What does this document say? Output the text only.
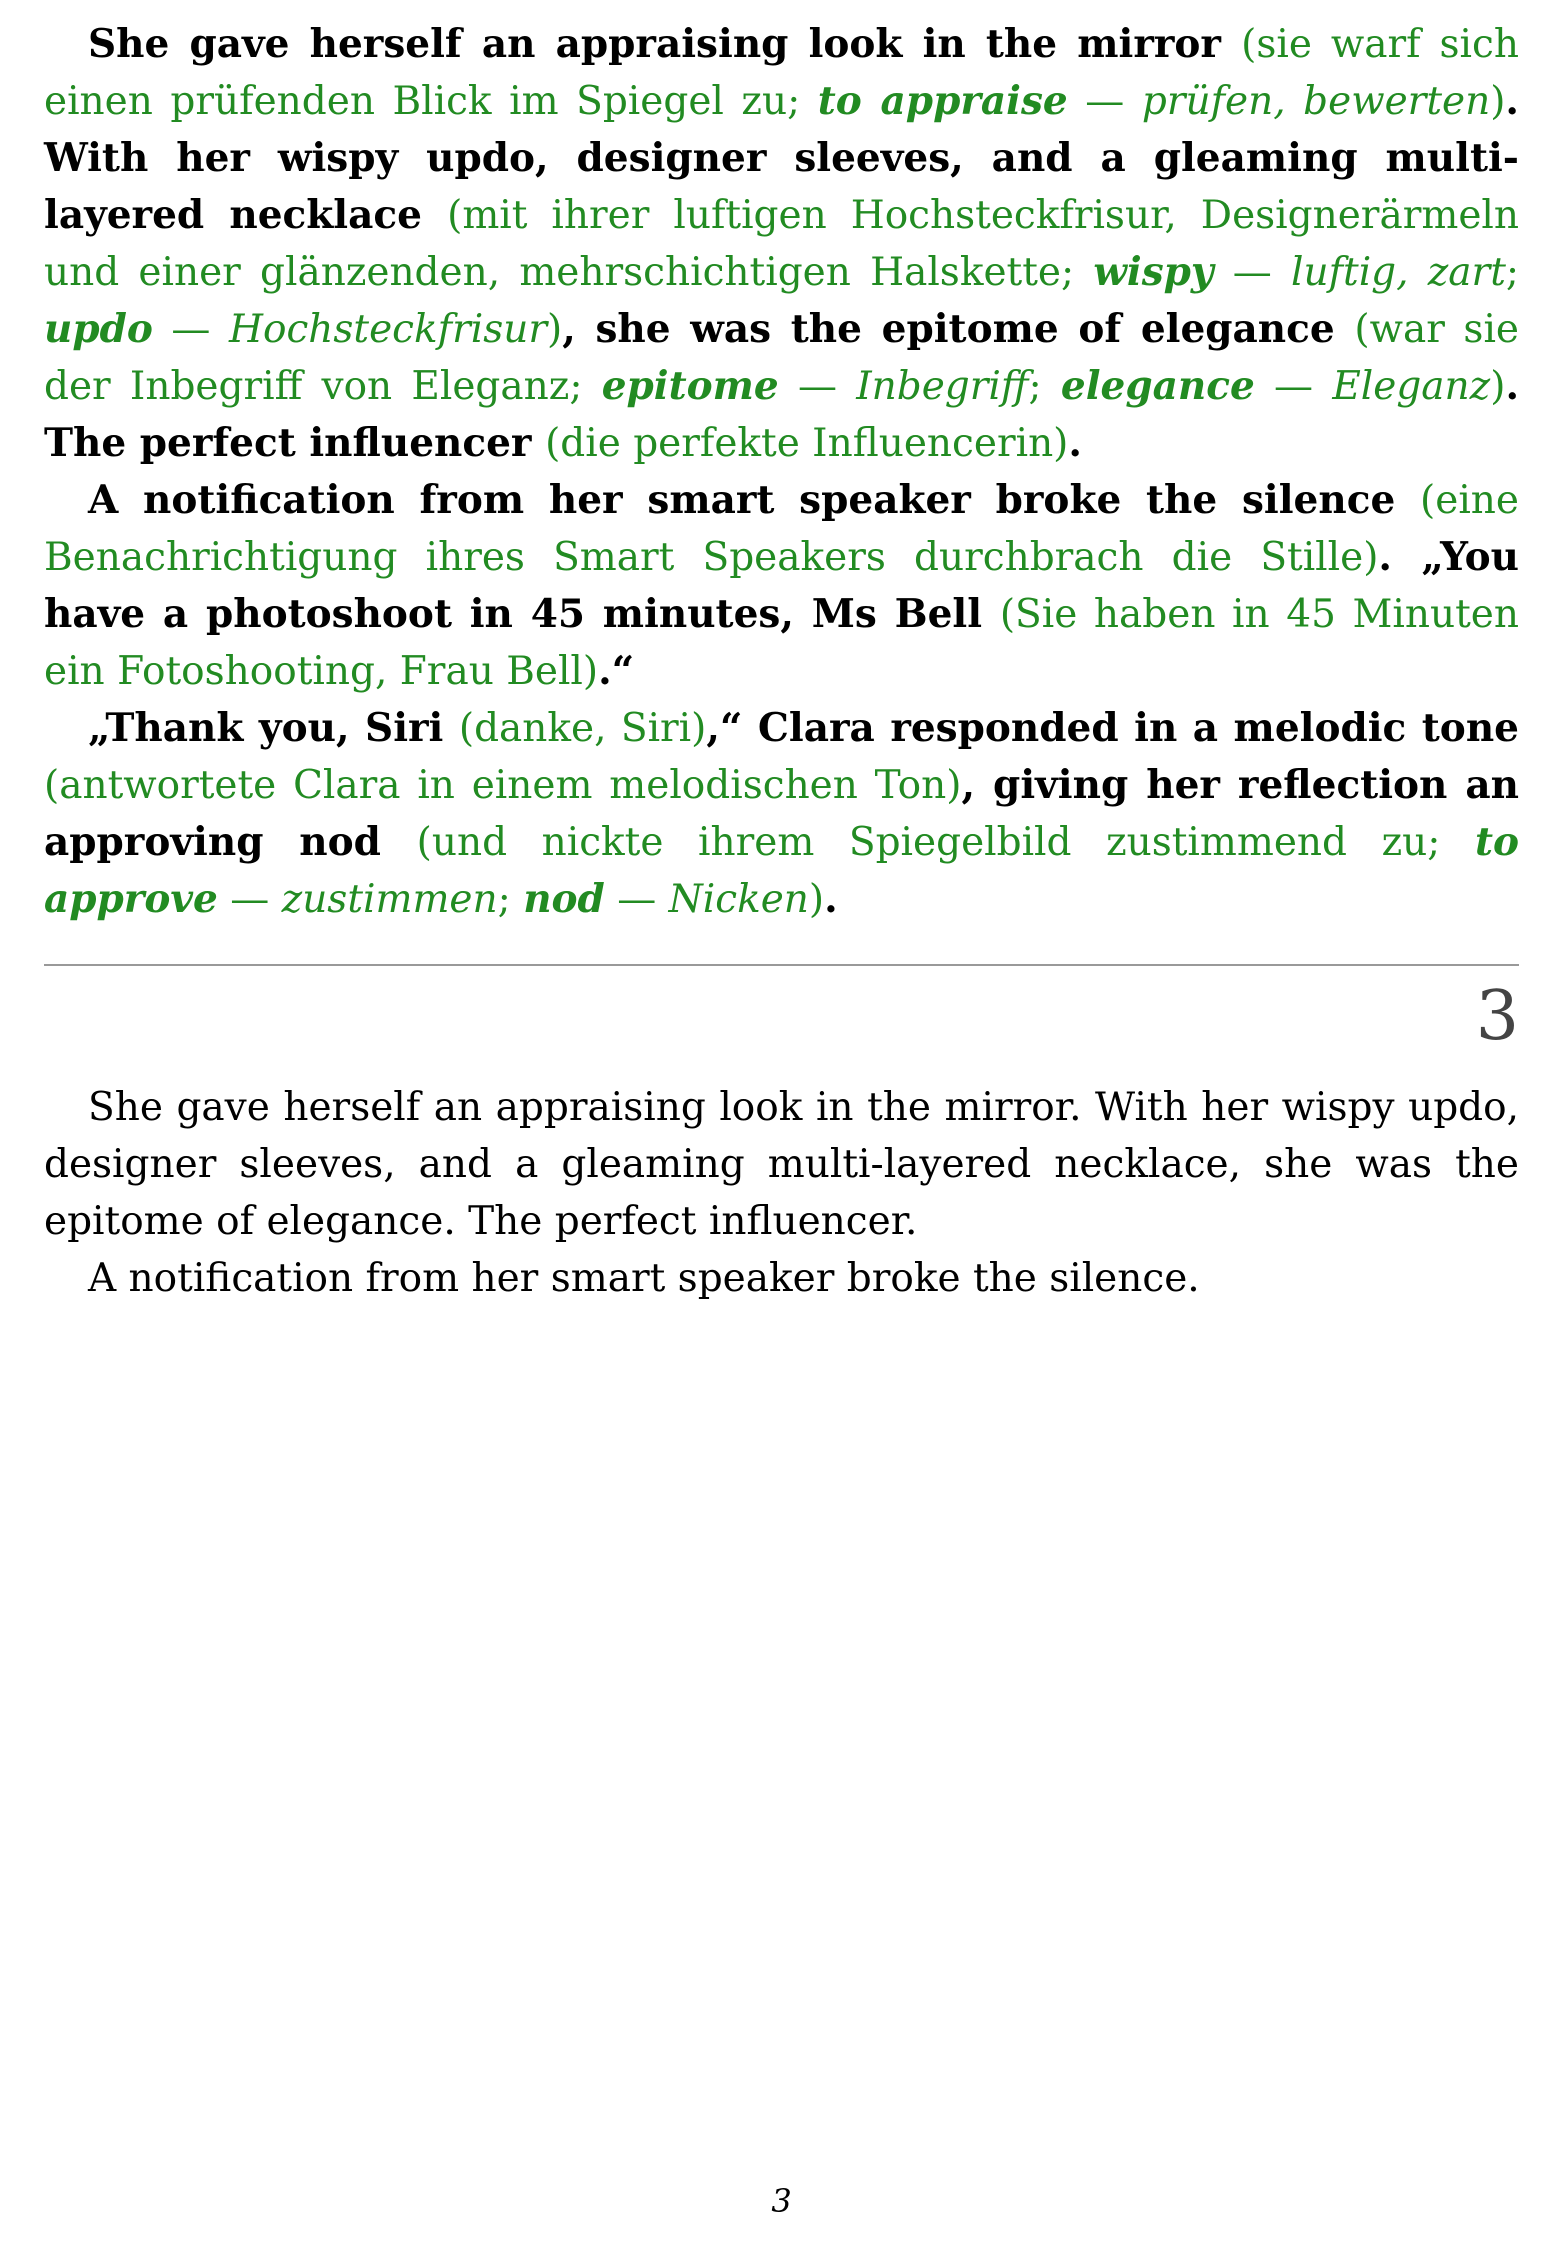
She gave herself an appraising look in the mirror (sie warf sich einen prüfenden Blick im Spiegel zu; to appraise — prüfen, bewerten). With her wispy updo, designer sleeves, and a gleaming multi-layered necklace (mit ihrer luftigen Hochsteckfrisur, Designerärmeln und einer glänzenden, mehrschichtigen Halskette; wispy — luftig, zart; updo — Hochsteckfrisur), she was the epitome of elegance (war sie der Inbegriff von Eleganz; epitome — Inbegriff; elegance — Eleganz). The perfect influencer (die perfekte Influencerin).

A notification from her smart speaker broke the silence (eine Benachrichtigung ihres Smart Speakers durchbrach die Stille). „You have a photoshoot in 45 minutes, Ms Bell (Sie haben in 45 Minuten ein Fotoshooting, Frau Bell).“

„Thank you, Siri (danke, Siri),“ Clara responded in a melodic tone (antwortete Clara in einem melodischen Ton), giving her reflection an approving nod (und nickte ihrem Spiegelbild zustimmend zu; to approve — zustimmen; nod — Nicken).

3

She gave herself an appraising look in the mirror. With her wispy updo, designer sleeves, and a gleaming multi-layered necklace, she was the epitome of elegance. The perfect influencer.

A notification from her smart speaker broke the silence.

3
